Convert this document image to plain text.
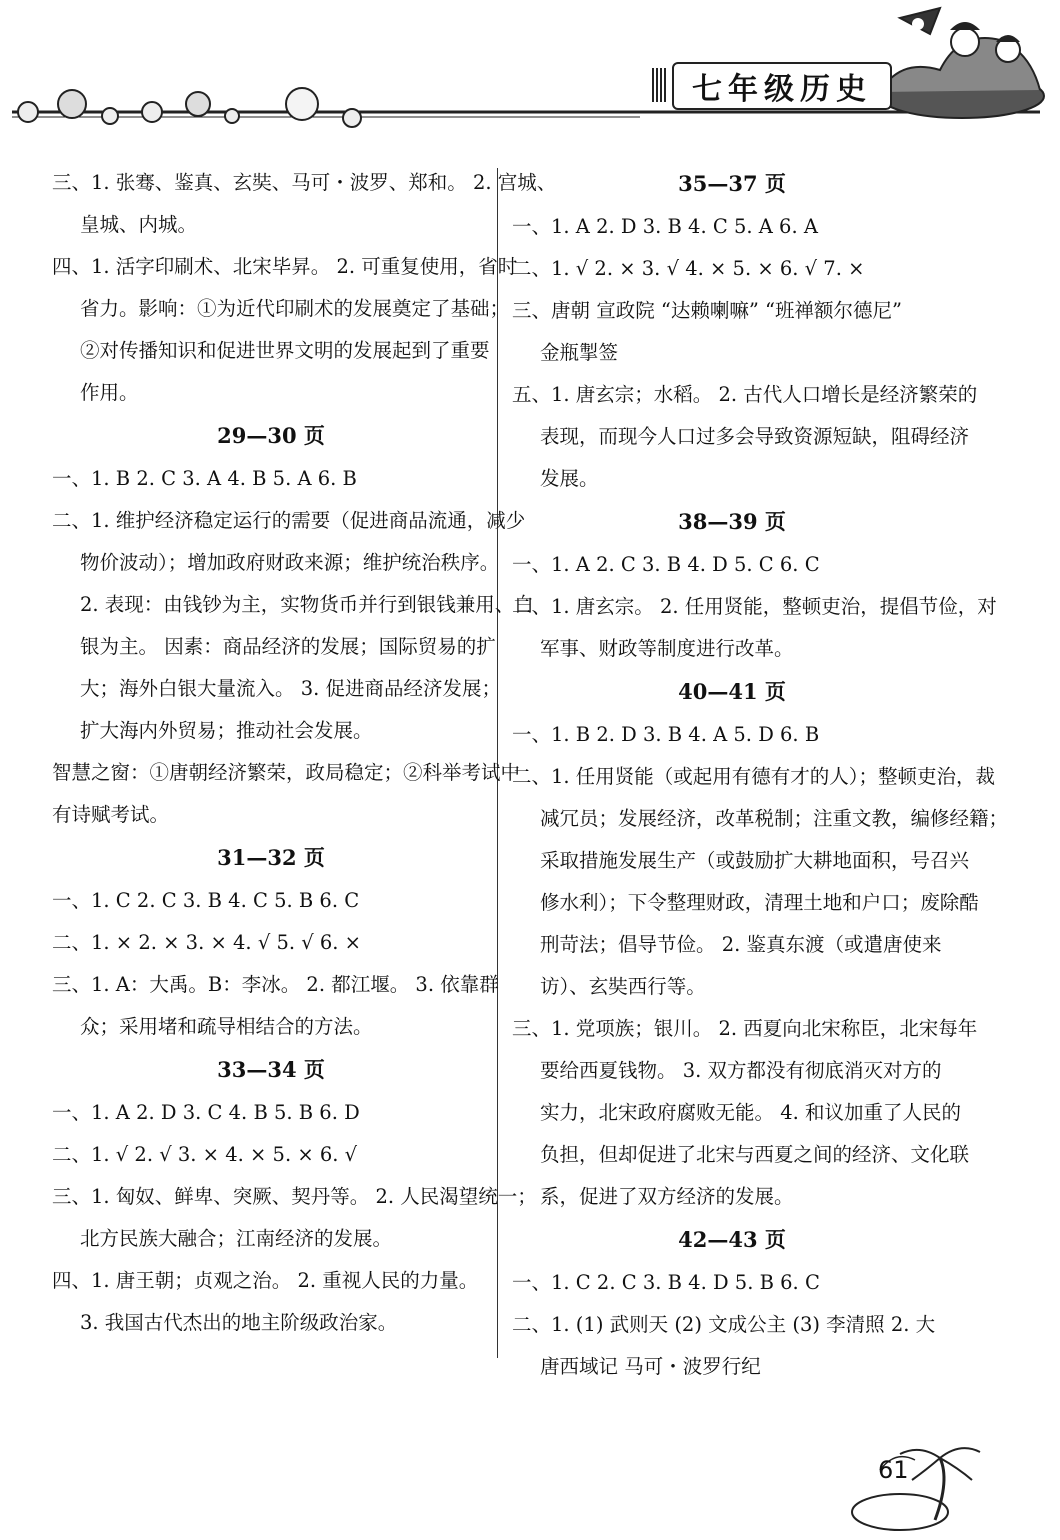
七年级历史
三、1. 张骞、鉴真、玄奘、马可・波罗、郑和。 2. 宫城、
皇城、内城。
四、1. 活字印刷术、北宋毕昇。 2. 可重复使用，省时
省力。影响：①为近代印刷术的发展奠定了基础；
②对传播知识和促进世界文明的发展起到了重要
作用。
29—30 页
一、1. B 2. C 3. A 4. B 5. A 6. B
二、1. 维护经济稳定运行的需要（促进商品流通，减少
物价波动）；增加政府财政来源；维护统治秩序。
2. 表现：由钱钞为主，实物货币并行到银钱兼用、白
银为主。 因素：商品经济的发展；国际贸易的扩
大；海外白银大量流入。 3. 促进商品经济发展；
扩大海内外贸易；推动社会发展。
智慧之窗：①唐朝经济繁荣，政局稳定；②科举考试中
有诗赋考试。
31—32 页
一、1. C 2. C 3. B 4. C 5. B 6. C
二、1. × 2. × 3. × 4. √ 5. √ 6. ×
三、1. A：大禹。B：李冰。 2. 都江堰。 3. 依靠群
众；采用堵和疏导相结合的方法。
33—34 页
一、1. A 2. D 3. C 4. B 5. B 6. D
二、1. √ 2. √ 3. × 4. × 5. × 6. √
三、1. 匈奴、鲜卑、突厥、契丹等。 2. 人民渴望统一；
北方民族大融合；江南经济的发展。
四、1. 唐王朝；贞观之治。 2. 重视人民的力量。
3. 我国古代杰出的地主阶级政治家。
35—37 页
一、1. A 2. D 3. B 4. C 5. A 6. A
二、1. √ 2. × 3. √ 4. × 5. × 6. √ 7. ×
三、唐朝 宣政院 “达赖喇嘛” “班禅额尔德尼”
金瓶掣签
五、1. 唐玄宗；水稻。 2. 古代人口增长是经济繁荣的
表现，而现今人口过多会导致资源短缺，阻碍经济
发展。
38—39 页
一、1. A 2. C 3. B 4. D 5. C 6. C
二、1. 唐玄宗。 2. 任用贤能，整顿吏治，提倡节俭，对
军事、财政等制度进行改革。
40—41 页
一、1. B 2. D 3. B 4. A 5. D 6. B
二、1. 任用贤能（或起用有德有才的人）；整顿吏治，裁
减冗员；发展经济，改革税制；注重文教，编修经籍；
采取措施发展生产（或鼓励扩大耕地面积，号召兴
修水利）；下令整理财政，清理土地和户口；废除酷
刑苛法；倡导节俭。 2. 鉴真东渡（或遣唐使来
访）、玄奘西行等。
三、1. 党项族；银川。 2. 西夏向北宋称臣，北宋每年
要给西夏钱物。 3. 双方都没有彻底消灭对方的
实力，北宋政府腐败无能。 4. 和议加重了人民的
负担，但却促进了北宋与西夏之间的经济、文化联
系，促进了双方经济的发展。
42—43 页
一、1. C 2. C 3. B 4. D 5. B 6. C
二、1. (1) 武则天 (2) 文成公主 (3) 李清照 2. 大
唐西域记 马可・波罗行纪
61
